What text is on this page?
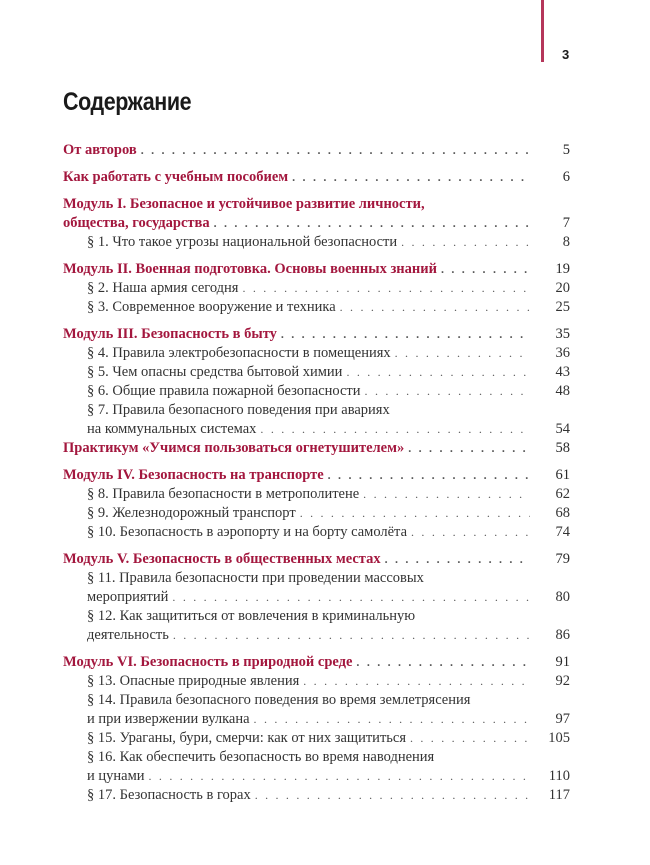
3
Содержание
От авторов . . .	5
Как работать с учебным пособием . . .	6
Модуль I. Безопасное и устойчивое развитие личности,
общества, государства . . .	7
§ 1. Что такое угрозы национальной безопасности . . .	8
Модуль II. Военная подготовка. Основы военных знаний . . .	19
§ 2. Наша армия сегодня . . .	20
§ 3. Современное вооружение и техника . . .	25
Модуль III. Безопасность в быту . . .	35
§ 4. Правила электробезопасности в помещениях . . .	36
§ 5. Чем опасны средства бытовой химии . . .	43
§ 6. Общие правила пожарной безопасности . . .	48
§ 7. Правила безопасного поведения при авариях
на коммунальных системах . . .	54
Практикум «Учимся пользоваться огнетушителем» . . .	58
Модуль IV. Безопасность на транспорте . . .	61
§ 8. Правила безопасности в метрополитене . . .	62
§ 9. Железнодорожный транспорт . . .	68
§ 10. Безопасность в аэропорту и на борту самолёта . . .	74
Модуль V. Безопасность в общественных местах . . .	79
§ 11. Правила безопасности при проведении массовых
мероприятий . . .	80
§ 12. Как защититься от вовлечения в криминальную
деятельность . . .	86
Модуль VI. Безопасность в природной среде . . .	91
§ 13. Опасные природные явления . . .	92
§ 14. Правила безопасного поведения во время землетрясения
и при извержении вулкана . . .	97
§ 15. Ураганы, бури, смерчи: как от них защититься . . .	105
§ 16. Как обеспечить безопасность во время наводнения
и цунами . . .	110
§ 17. Безопасность в горах . . .	117
